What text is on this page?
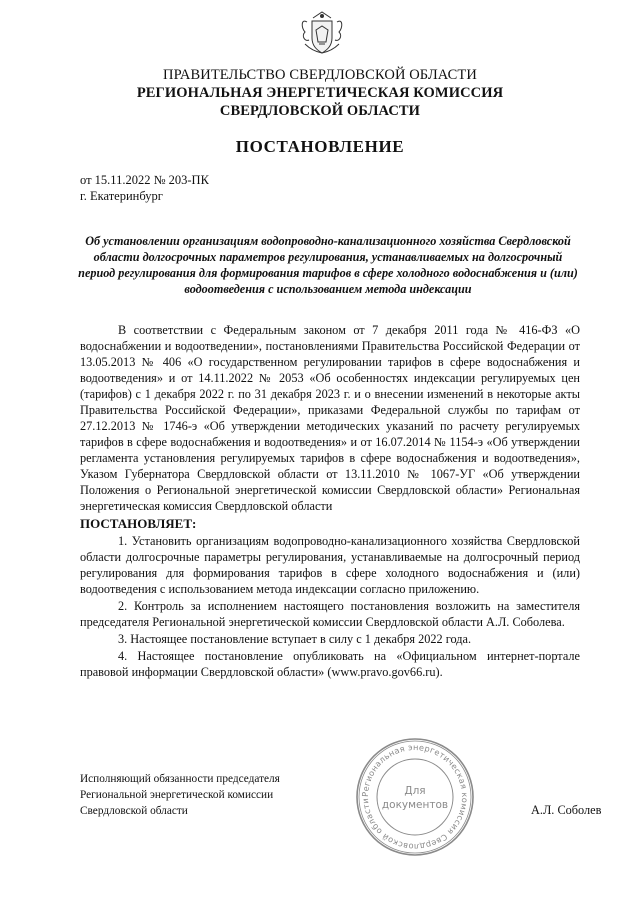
ПРАВИТЕЛЬСТВО СВЕРДЛОВСКОЙ ОБЛАСТИ
РЕГИОНАЛЬНАЯ ЭНЕРГЕТИЧЕСКАЯ КОМИССИЯ
СВЕРДЛОВСКОЙ ОБЛАСТИ
ПОСТАНОВЛЕНИЕ
от 15.11.2022 № 203-ПК
г. Екатеринбург
Об установлении организациям водопроводно-канализационного хозяйства Свердловской области долгосрочных параметров регулирования, устанавливаемых на долгосрочный период регулирования для формирования тарифов в сфере холодного водоснабжения и (или) водоотведения с использованием метода индексации

В соответствии с Федеральным законом от 7 декабря 2011 года № 416-ФЗ «О водоснабжении и водоотведении», постановлениями Правительства Российской Федерации от 13.05.2013 № 406 «О государственном регулировании тарифов в сфере водоснабжения и водоотведения» и от 14.11.2022 № 2053 «Об особенностях индексации регулируемых цен (тарифов) с 1 декабря 2022 г. по 31 декабря 2023 г. и о внесении изменений в некоторые акты Правительства Российской Федерации», приказами Федеральной службы по тарифам от 27.12.2013 № 1746-э «Об утверждении методических указаний по расчету регулируемых тарифов в сфере водоснабжения и водоотведения» и от 16.07.2014 № 1154-э «Об утверждении регламента установления регулируемых тарифов в сфере водоснабжения и водоотведения», Указом Губернатора Свердловской области от 13.11.2010 № 1067-УГ «Об утверждении Положения о Региональной энергетической комиссии Свердловской области» Региональная энергетическая комиссия Свердловской области

ПОСТАНОВЛЯЕТ:

1. Установить организациям водопроводно-канализационного хозяйства Свердловской области долгосрочные параметры регулирования, устанавливаемые на долгосрочный период регулирования для формирования тарифов в сфере холодного водоснабжения и (или) водоотведения с использованием метода индексации согласно приложению.

2. Контроль за исполнением настоящего постановления возложить на заместителя председателя Региональной энергетической комиссии Свердловской области А.Л. Соболева.

3. Настоящее постановление вступает в силу с 1 декабря 2022 года.

4. Настоящее постановление опубликовать на «Официальном интернет-портале правовой информации Свердловской области» (www.pravo.gov66.ru).

Исполняющий обязанности председателя
Региональной энергетической комиссии
Свердловской области
Региональная энергетическая комиссия Свердловской области
Для
документов	А.Л. Соболев
